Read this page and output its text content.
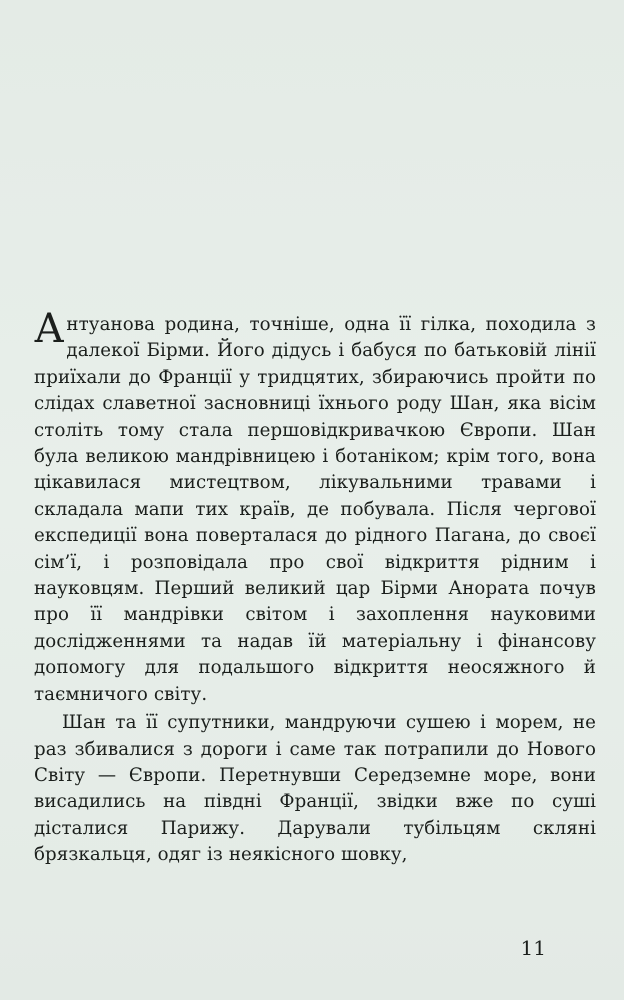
Антуанова родина, точніше, одна її гілка, походила з далекої Бірми. Його дідусь і бабуся по батьковій лінії приїхали до Франції у тридцятих, збираючись пройти по слідах славетної засновниці їхнього роду Шан, яка вісім століть тому стала першовідкривачкою Європи. Шан була великою мандрівницею і ботаніком; крім того, вона цікавилася мистецтвом, лікувальними травами і складала мапи тих країв, де побувала. Після чергової експедиції вона поверталася до рідного Пагана, до своєї сім’ї, і розповідала про свої відкриття рідним і науковцям. Перший великий цар Бірми Анората почув про її мандрівки світом і захоплення науковими дослідженнями та надав їй матеріальну і фінансову допомогу для подальшого відкриття неосяжного й таємничого світу.

Шан та її супутники, мандруючи сушею і морем, не раз збивалися з дороги і саме так потрапили до Нового Світу — Європи. Перетнувши Середземне море, вони висадились на півдні Франції, звідки вже по суші дісталися Парижу. Дарували тубільцям скляні брязкальця, одяг із неякісного шовку,

11
